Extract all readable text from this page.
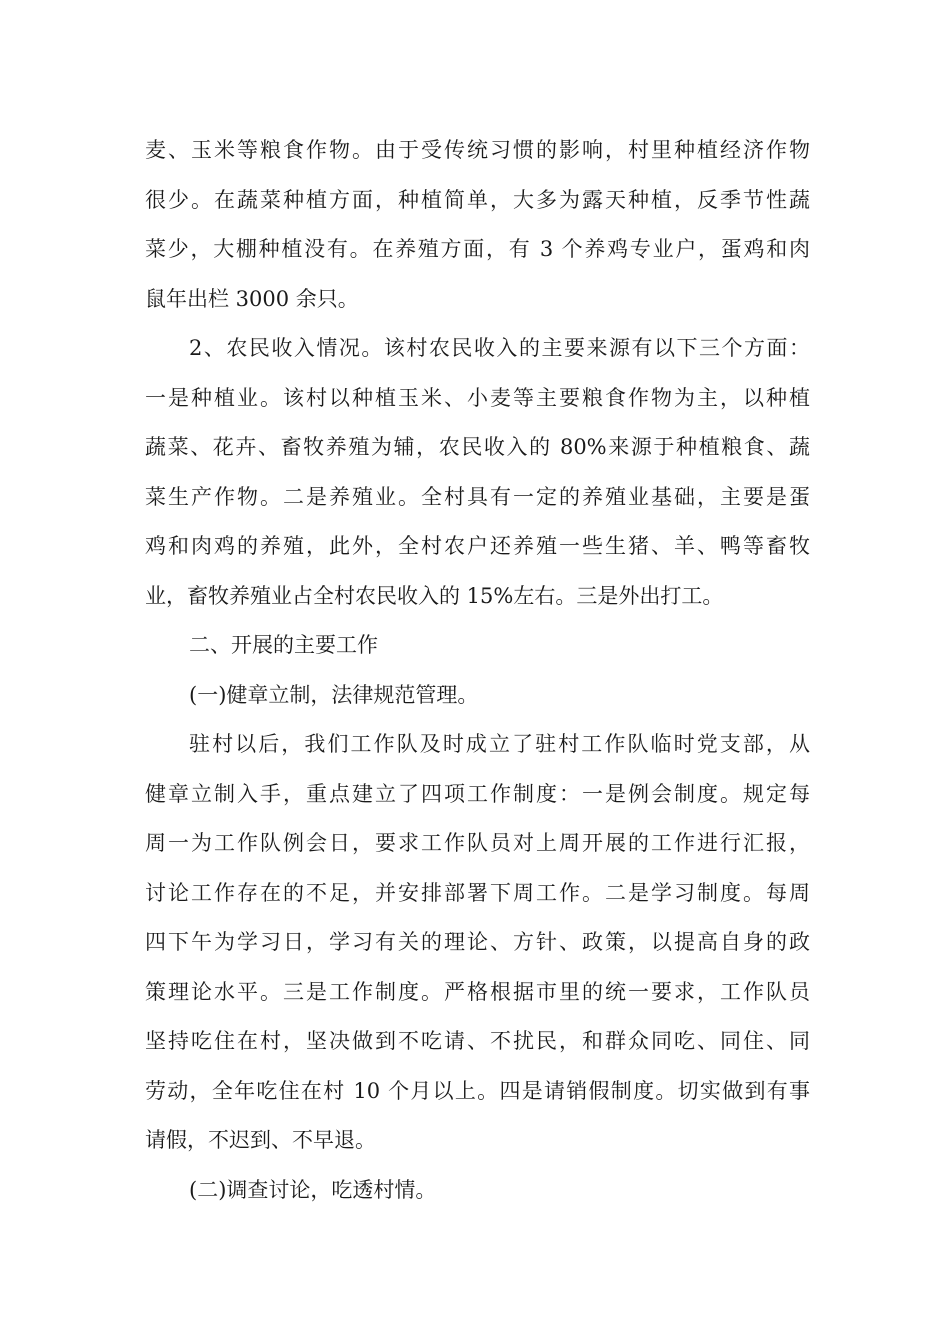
麦、玉米等粮食作物。由于受传统习惯的影响，村里种植经济作物
很少。在蔬菜种植方面，种植简单，大多为露天种植，反季节性蔬
菜少，大棚种植没有。在养殖方面，有 3 个养鸡专业户，蛋鸡和肉
鼠年出栏 3000 余只。
2、农民收入情况。该村农民收入的主要来源有以下三个方面：
一是种植业。该村以种植玉米、小麦等主要粮食作物为主，以种植
蔬菜、花卉、畜牧养殖为辅，农民收入的 80%来源于种植粮食、蔬
菜生产作物。二是养殖业。全村具有一定的养殖业基础，主要是蛋
鸡和肉鸡的养殖，此外，全村农户还养殖一些生猪、羊、鸭等畜牧
业，畜牧养殖业占全村农民收入的 15%左右。三是外出打工。
二、开展的主要工作
(一)健章立制，法律规范管理。
驻村以后，我们工作队及时成立了驻村工作队临时党支部，从
健章立制入手，重点建立了四项工作制度：一是例会制度。规定每
周一为工作队例会日，要求工作队员对上周开展的工作进行汇报，
讨论工作存在的不足，并安排部署下周工作。二是学习制度。每周
四下午为学习日，学习有关的理论、方针、政策，以提高自身的政
策理论水平。三是工作制度。严格根据市里的统一要求，工作队员
坚持吃住在村，坚决做到不吃请、不扰民，和群众同吃、同住、同
劳动，全年吃住在村 10 个月以上。四是请销假制度。切实做到有事
请假，不迟到、不早退。
(二)调查讨论，吃透村情。
